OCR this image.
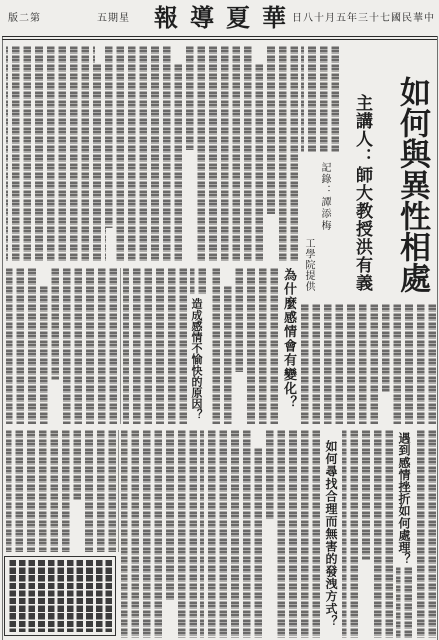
第二版	星期五 華夏導報
中華民國七十三年五月十八日
如何與異性相處
主講人：師大教授洪有義
記錄：譚添梅
工學院提供
為什麼感情會有變化？
造成感情不愉快的原因？
遇到感情挫折如何處理？
如何尋找合理而無害的發洩方式？
